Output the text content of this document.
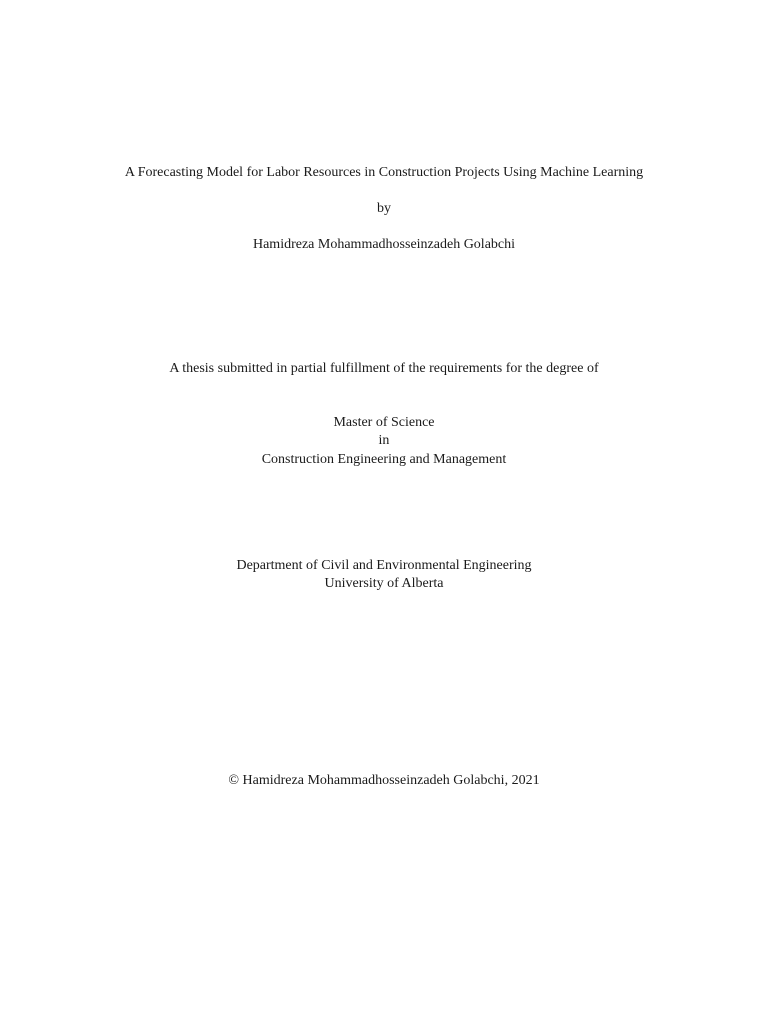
A Forecasting Model for Labor Resources in Construction Projects Using Machine Learning
by
Hamidreza Mohammadhosseinzadeh Golabchi
A thesis submitted in partial fulfillment of the requirements for the degree of
Master of Science
in
Construction Engineering and Management
Department of Civil and Environmental Engineering
University of Alberta
© Hamidreza Mohammadhosseinzadeh Golabchi, 2021
